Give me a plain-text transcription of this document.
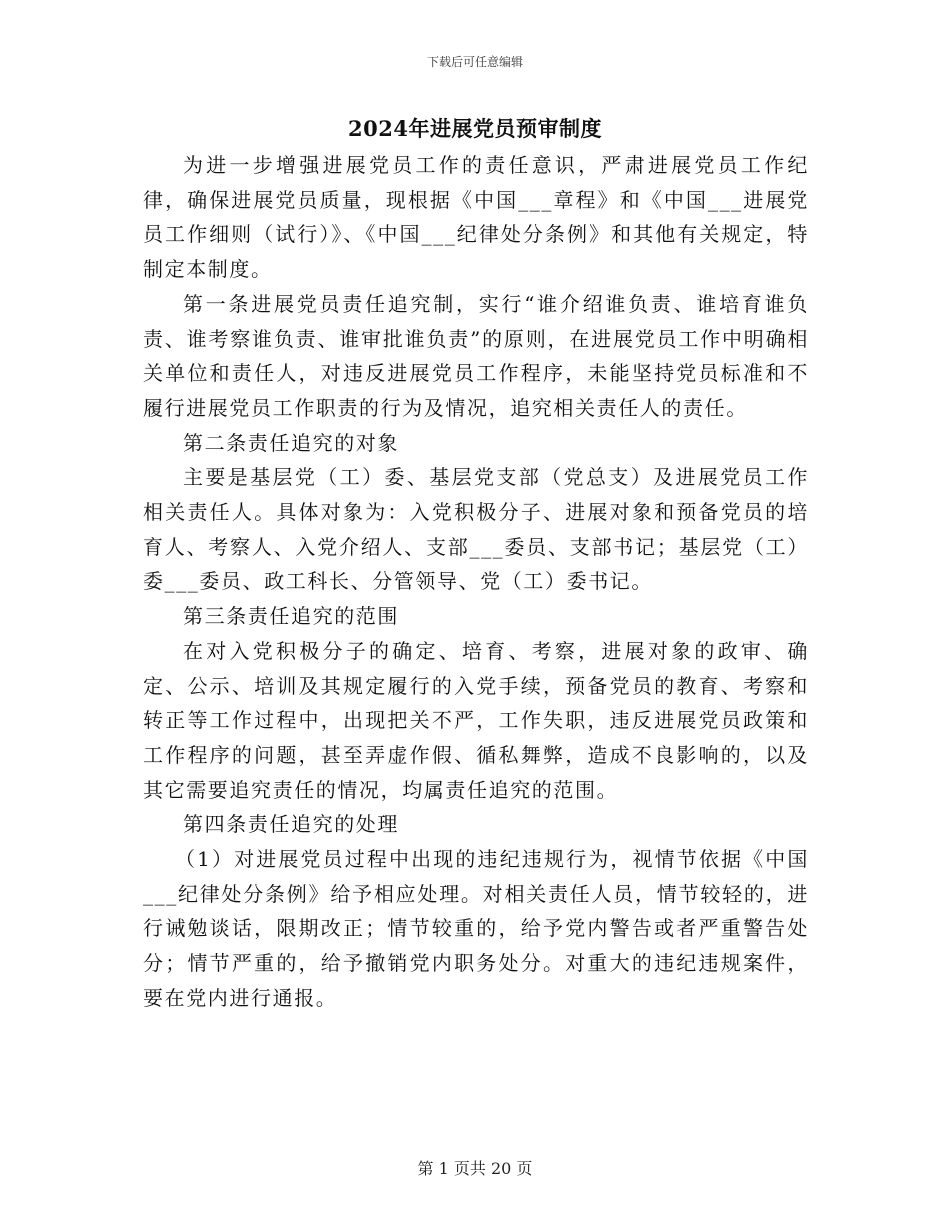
下载后可任意编辑
2024年进展党员预审制度

为进一步增强进展党员工作的责任意识，严肃进展党员工作纪律，确保进展党员质量，现根据《中国___章程》和《中国___进展党员工作细则（试行）》、《中国___纪律处分条例》和其他有关规定，特制定本制度。

第一条进展党员责任追究制，实行“谁介绍谁负责、谁培育谁负责、谁考察谁负责、谁审批谁负责”的原则，在进展党员工作中明确相关单位和责任人，对违反进展党员工作程序，未能坚持党员标准和不履行进展党员工作职责的行为及情况，追究相关责任人的责任。

第二条责任追究的对象

主要是基层党（工）委、基层党支部（党总支）及进展党员工作相关责任人。具体对象为：入党积极分子、进展对象和预备党员的培育人、考察人、入党介绍人、支部___委员、支部书记；基层党（工）委___委员、政工科长、分管领导、党（工）委书记。

第三条责任追究的范围

在对入党积极分子的确定、培育、考察，进展对象的政审、确定、公示、培训及其规定履行的入党手续，预备党员的教育、考察和转正等工作过程中，出现把关不严，工作失职，违反进展党员政策和工作程序的问题，甚至弄虚作假、循私舞弊，造成不良影响的，以及其它需要追究责任的情况，均属责任追究的范围。

第四条责任追究的处理

（1）对进展党员过程中出现的违纪违规行为，视情节依据《中国___纪律处分条例》给予相应处理。对相关责任人员，情节较轻的，进行诫勉谈话，限期改正；情节较重的，给予党内警告或者严重警告处分；情节严重的，给予撤销党内职务处分。对重大的违纪违规案件，要在党内进行通报。

第 1 页共 20 页
